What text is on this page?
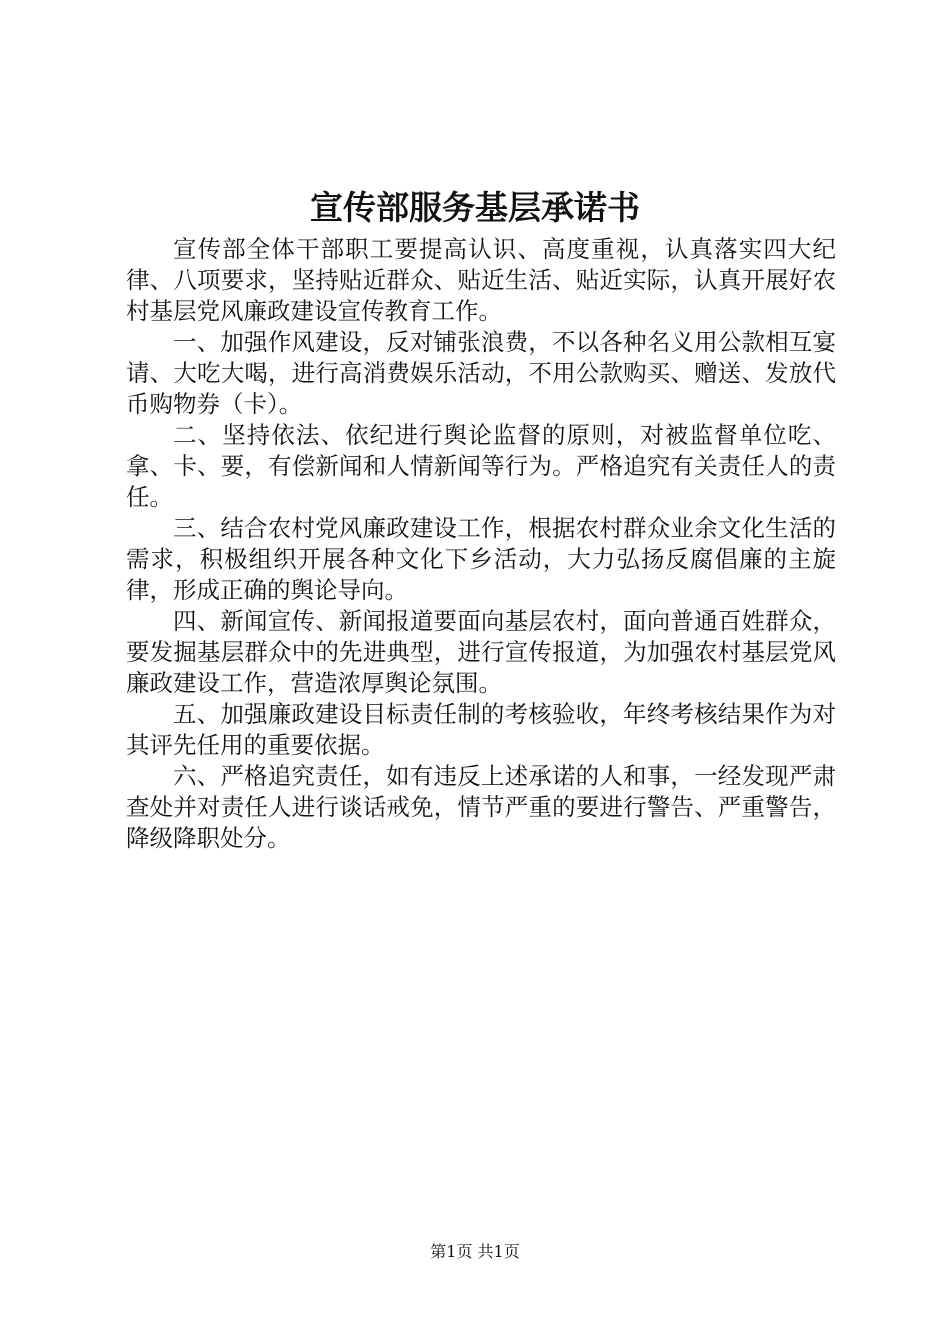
宣传部服务基层承诺书

宣传部全体干部职工要提高认识、高度重视，认真落实四大纪律、八项要求，坚持贴近群众、贴近生活、贴近实际，认真开展好农村基层党风廉政建设宣传教育工作。

一、加强作风建设，反对铺张浪费，不以各种名义用公款相互宴请、大吃大喝，进行高消费娱乐活动，不用公款购买、赠送、发放代币购物券（卡）。

二、坚持依法、依纪进行舆论监督的原则，对被监督单位吃、拿、卡、要，有偿新闻和人情新闻等行为。严格追究有关责任人的责任。

三、结合农村党风廉政建设工作，根据农村群众业余文化生活的需求，积极组织开展各种文化下乡活动，大力弘扬反腐倡廉的主旋律，形成正确的舆论导向。

四、新闻宣传、新闻报道要面向基层农村，面向普通百姓群众，要发掘基层群众中的先进典型，进行宣传报道，为加强农村基层党风廉政建设工作，营造浓厚舆论氛围。

五、加强廉政建设目标责任制的考核验收，年终考核结果作为对其评先任用的重要依据。

六、严格追究责任，如有违反上述承诺的人和事，一经发现严肃查处并对责任人进行谈话戒免，情节严重的要进行警告、严重警告，降级降职处分。

第1页 共1页
